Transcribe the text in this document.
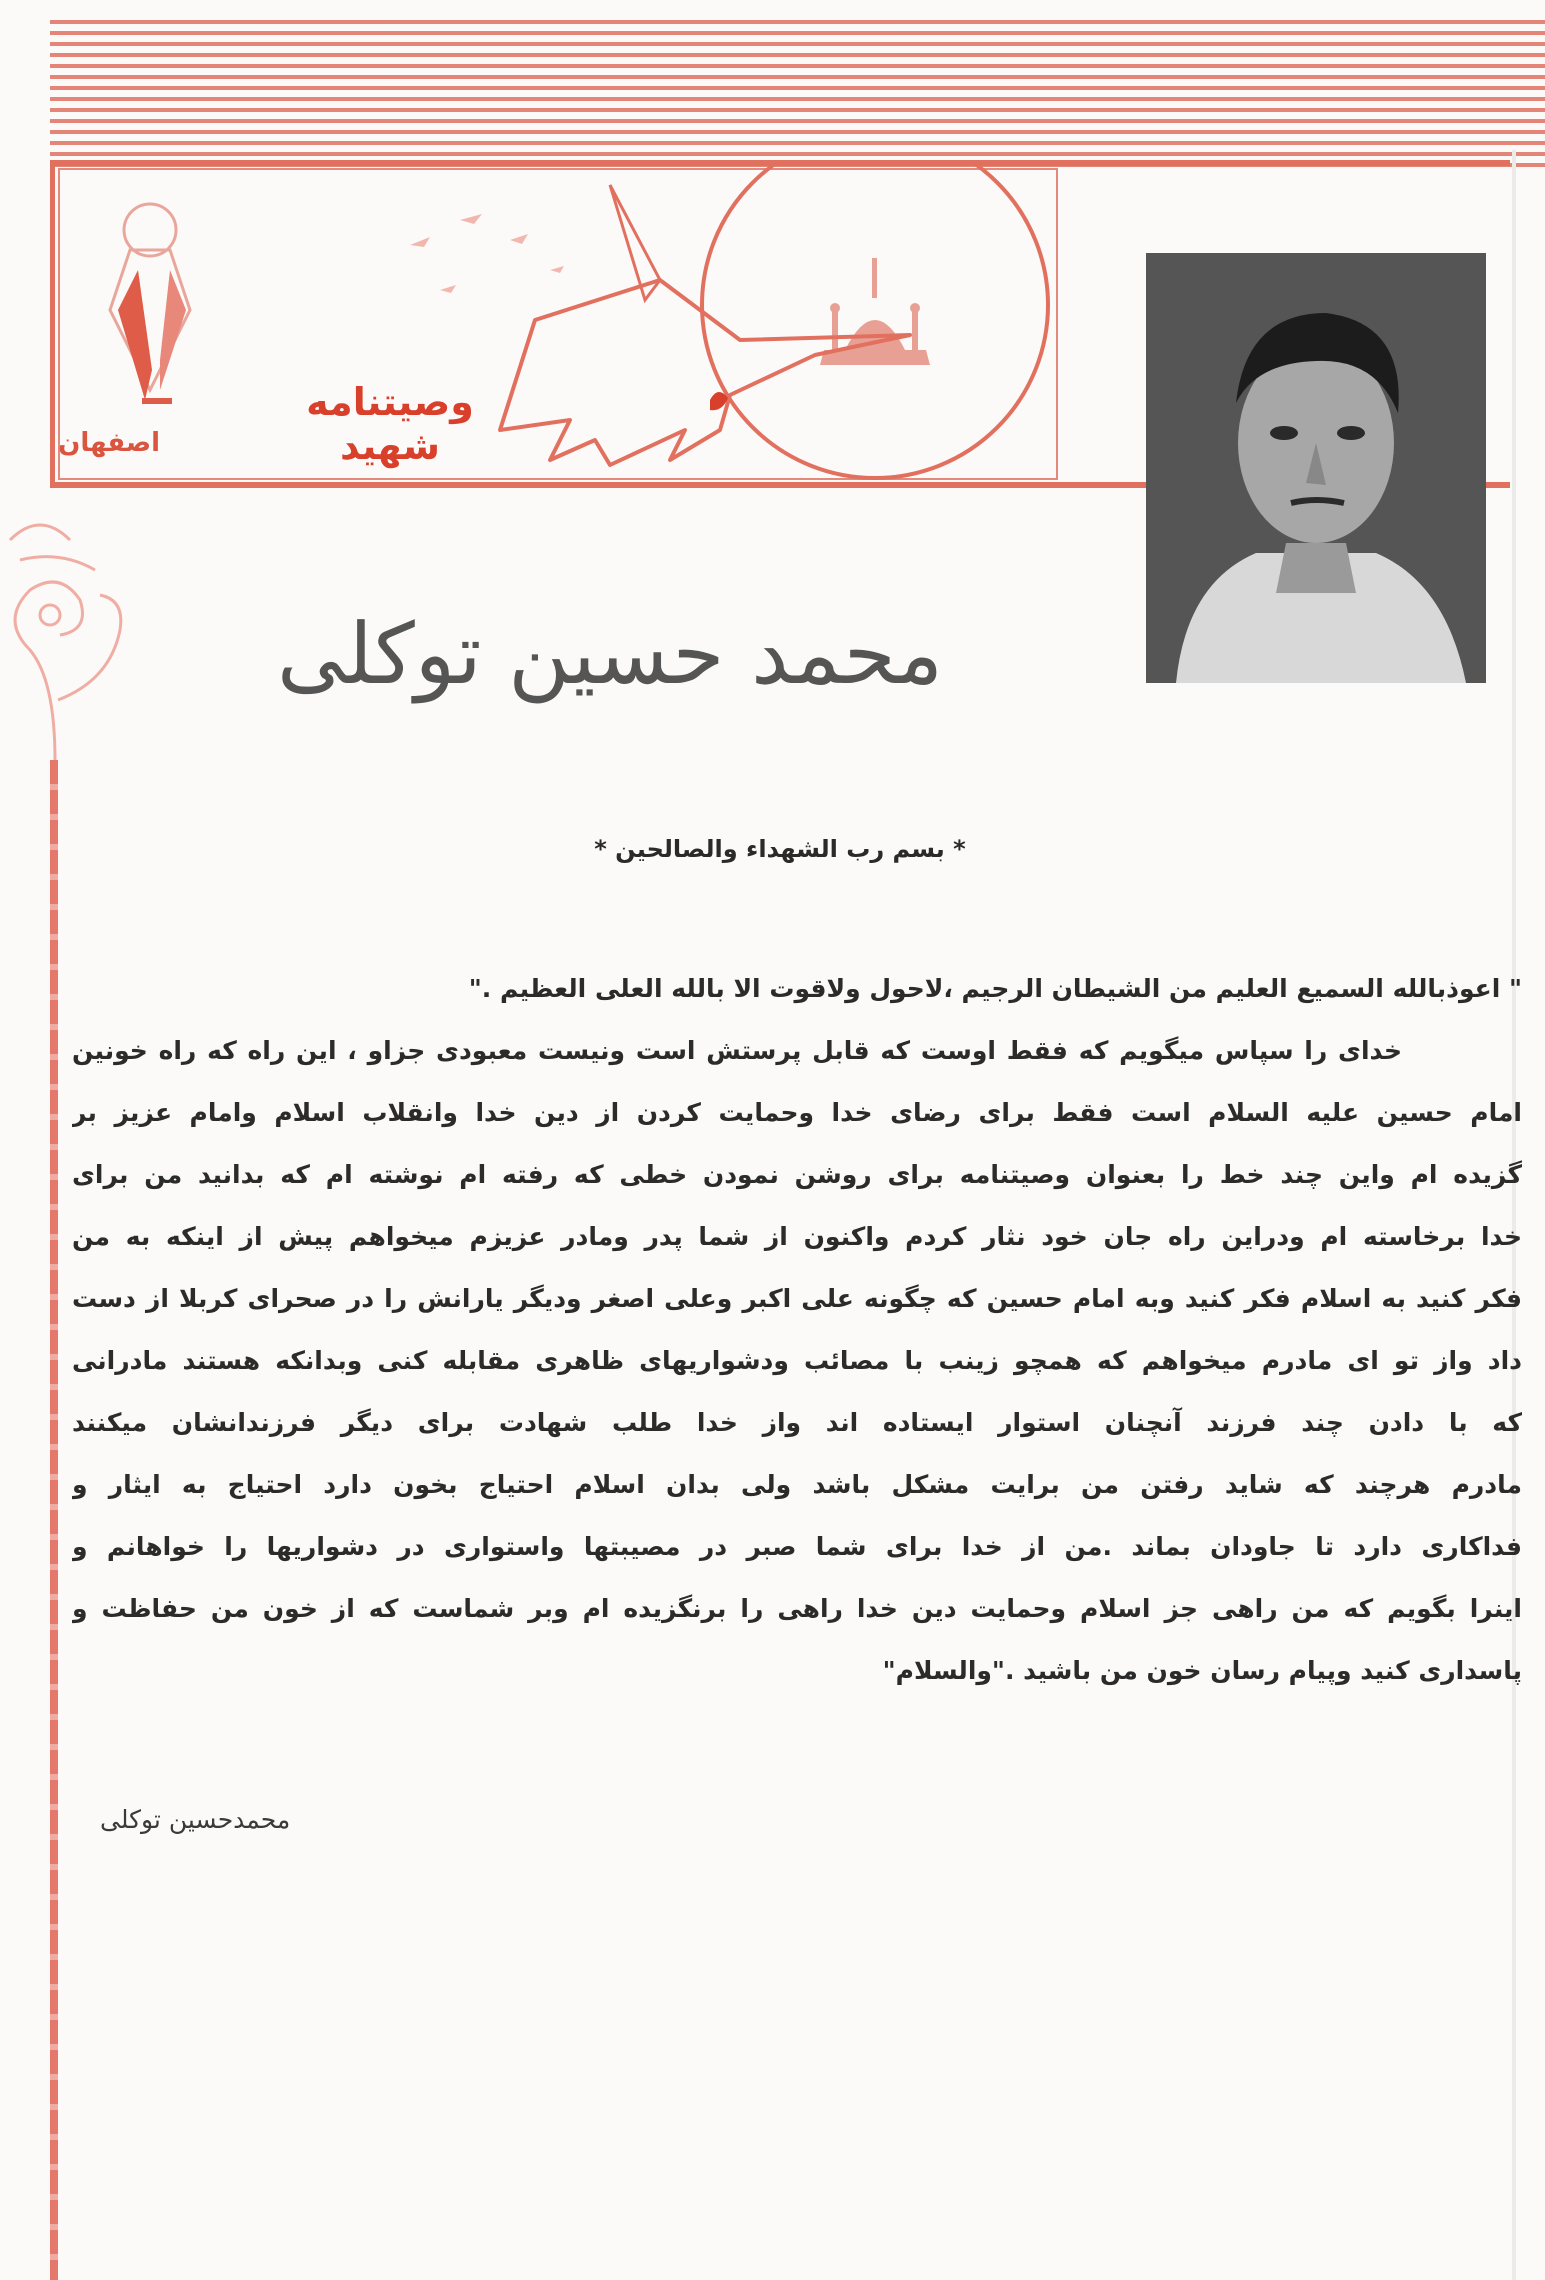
اصفهان
وصیتنامه شهید
محمد حسین توکلی
* بسم رب الشهداء والصالحین *
" اعوذبالله السمیع العلیم من الشیطان الرجیم ،لاحول ولاقوت الا بالله العلی العظیم ."
خدای را سپاس میگویم که فقط اوست که قابل پرستش است ونیست معبودی جزاو ، این راه که راه خونین
امام حسین علیه السلام است فقط برای رضای خدا وحمایت کردن از دین خدا وانقلاب اسلام وامام عزیز بر
گزیده ام واین چند خط را بعنوان وصیتنامه برای روشن نمودن خطی که رفته ام نوشته ام که بدانید من برای
خدا برخاسته ام ودراین راه جان خود نثار کردم واکنون از شما پدر ومادر عزیزم میخواهم پیش از اینکه به من
فکر کنید به اسلام فکر کنید وبه امام حسین که چگونه علی اکبر وعلی اصغر ودیگر یارانش را در صحرای کربلا از دست
داد واز تو ای مادرم میخواهم که همچو زینب با مصائب ودشواریهای ظاهری مقابله کنی وبدانکه هستند مادرانی
که با دادن چند فرزند آنچنان استوار ایستاده اند واز خدا طلب شهادت برای دیگر فرزندانشان میکنند
مادرم هرچند که شاید رفتن من برایت مشکل باشد ولی بدان اسلام احتیاج بخون دارد احتیاج به ایثار و
فداکاری دارد تا جاودان بماند .من از خدا برای شما صبر در مصیبتها واستواری در دشواریها را خواهانم و
اینرا بگویم که من راهی جز اسلام وحمایت دین خدا راهی را برنگزیده ام وبر شماست که از خون من حفاظت و
پاسداری کنید وپیام رسان خون من باشید ."والسلام"
محمدحسین توکلی
